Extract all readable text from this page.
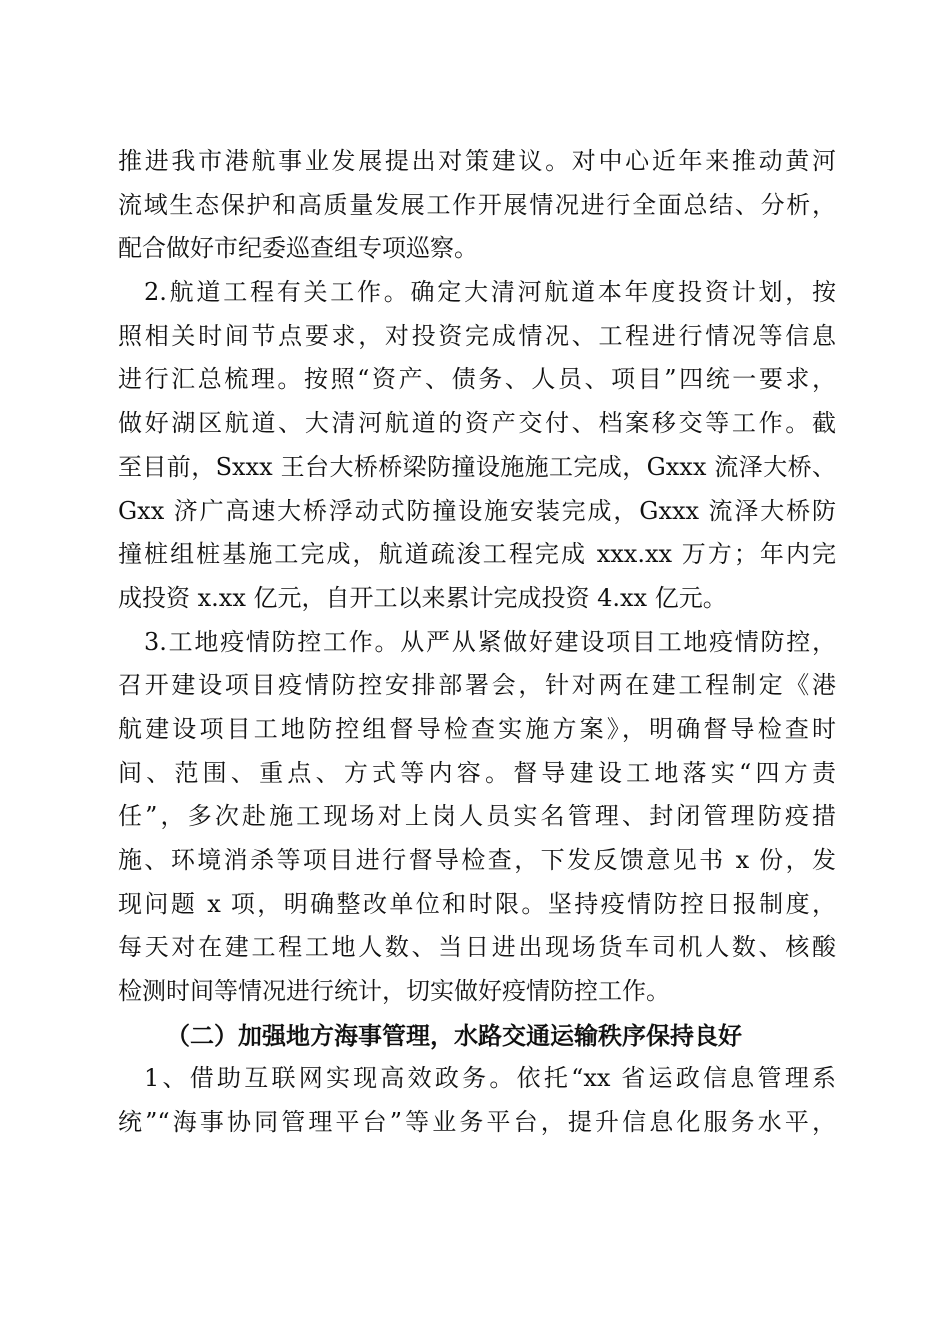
推进我市港航事业发展提出对策建议。对中心近年来推动黄河
流域生态保护和高质量发展工作开展情况进行全面总结、分析，
配合做好市纪委巡查组专项巡察。
2.航道工程有关工作。确定大清河航道本年度投资计划，按
照相关时间节点要求，对投资完成情况、工程进行情况等信息
进行汇总梳理。按照“资产、债务、人员、项目”四统一要求，
做好湖区航道、大清河航道的资产交付、档案移交等工作。截
至目前，Sxxx 王台大桥桥梁防撞设施施工完成，Gxxx 流泽大桥、
Gxx 济广高速大桥浮动式防撞设施安装完成，Gxxx 流泽大桥防
撞桩组桩基施工完成，航道疏浚工程完成 xxx.xx 万方；年内完
成投资 x.xx 亿元，自开工以来累计完成投资 4.xx 亿元。
3.工地疫情防控工作。从严从紧做好建设项目工地疫情防控，
召开建设项目疫情防控安排部署会，针对两在建工程制定《港
航建设项目工地防控组督导检查实施方案》，明确督导检查时
间、范围、重点、方式等内容。督导建设工地落实“四方责
任”，多次赴施工现场对上岗人员实名管理、封闭管理防疫措
施、环境消杀等项目进行督导检查，下发反馈意见书 x 份，发
现问题 x 项，明确整改单位和时限。坚持疫情防控日报制度，
每天对在建工程工地人数、当日进出现场货车司机人数、核酸
检测时间等情况进行统计，切实做好疫情防控工作。
（二）加强地方海事管理，水路交通运输秩序保持良好
1、借助互联网实现高效政务。依托“xx 省运政信息管理系
统”“海事协同管理平台”等业务平台，提升信息化服务水平，
